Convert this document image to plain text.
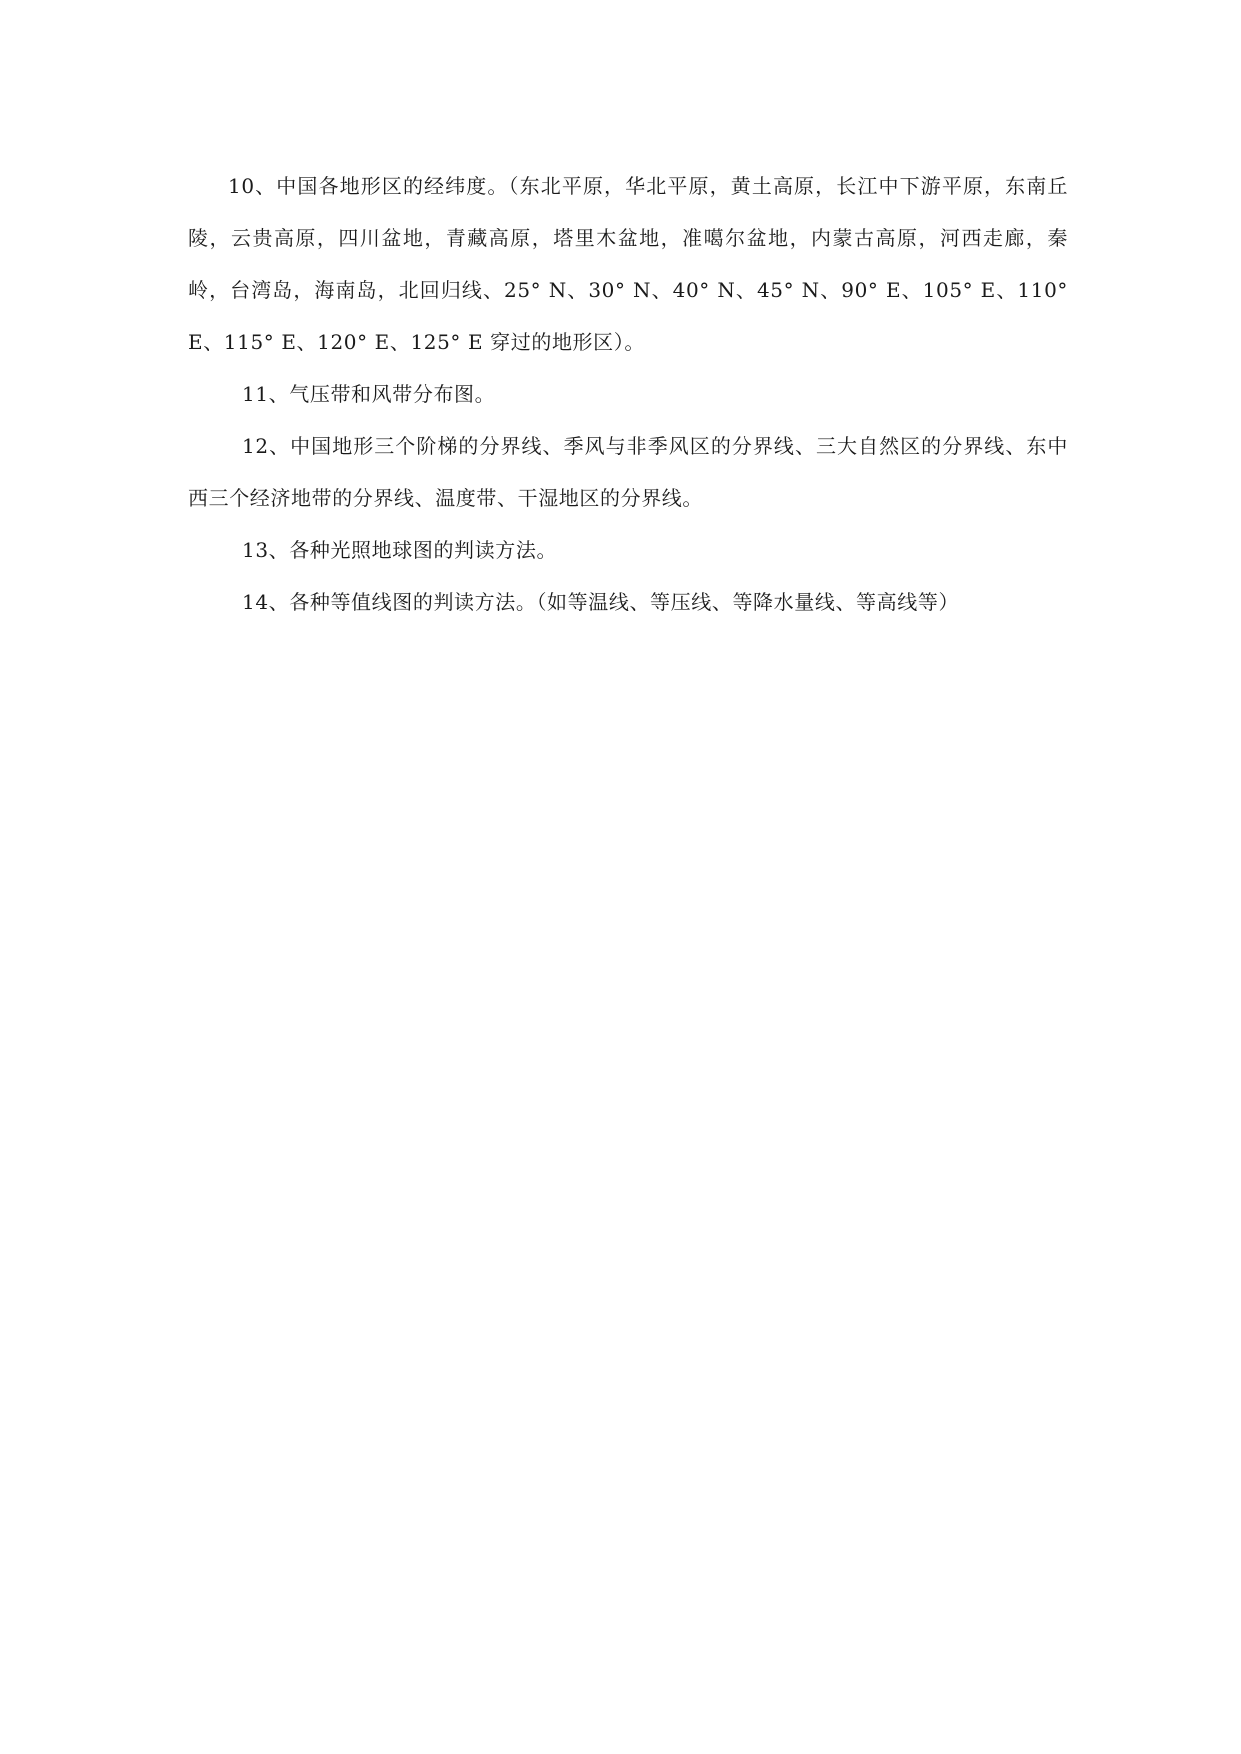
10、中国各地形区的经纬度。（东北平原，华北平原，黄土高原，长江中下游平原，东南丘陵，云贵高原，四川盆地，青藏高原，塔里木盆地，准噶尔盆地，内蒙古高原，河西走廊，秦岭，台湾岛，海南岛，北回归线、25° N、30° N、40° N、45° N、90° E、105° E、110° E、115° E、120° E、125° E 穿过的地形区）。

11、气压带和风带分布图。

12、中国地形三个阶梯的分界线、季风与非季风区的分界线、三大自然区的分界线、东中西三个经济地带的分界线、温度带、干湿地区的分界线。

13、各种光照地球图的判读方法。

14、各种等值线图的判读方法。（如等温线、等压线、等降水量线、等高线等）
